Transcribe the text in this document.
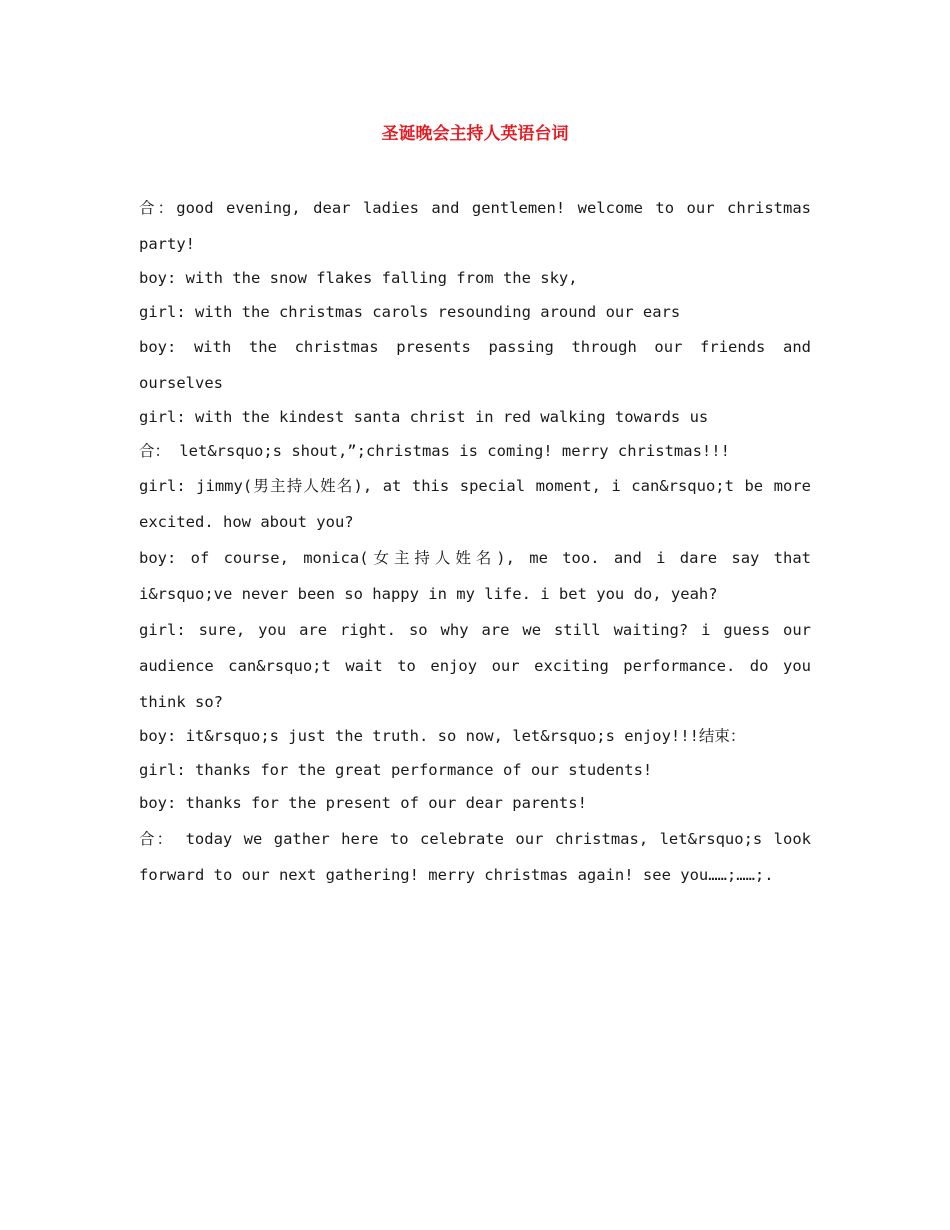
圣诞晚会主持人英语台词

合：good evening, dear ladies and gentlemen! welcome to our christmas party!

boy: with the snow flakes falling from the sky,

girl: with the christmas carols resounding around our ears

boy: with the christmas presents passing through our friends and ourselves

girl: with the kindest santa christ in red walking towards us

合： let&rsquo;s shout,”;christmas is coming! merry christmas!!!

girl: jimmy(男主持人姓名), at this special moment, i can&rsquo;t be more excited. how about you?

boy: of course, monica(女主持人姓名), me too. and i dare say that i&rsquo;ve never been so happy in my life. i bet you do, yeah?

girl: sure, you are right. so why are we still waiting? i guess our audience can&rsquo;t wait to enjoy our exciting performance. do you think so?

boy: it&rsquo;s just the truth. so now, let&rsquo;s enjoy!!!结束：

girl: thanks for the great performance of our students!

boy: thanks for the present of our dear parents!

合： today we gather here to celebrate our christmas, let&rsquo;s look forward to our next gathering! merry christmas again! see you……;……;.
